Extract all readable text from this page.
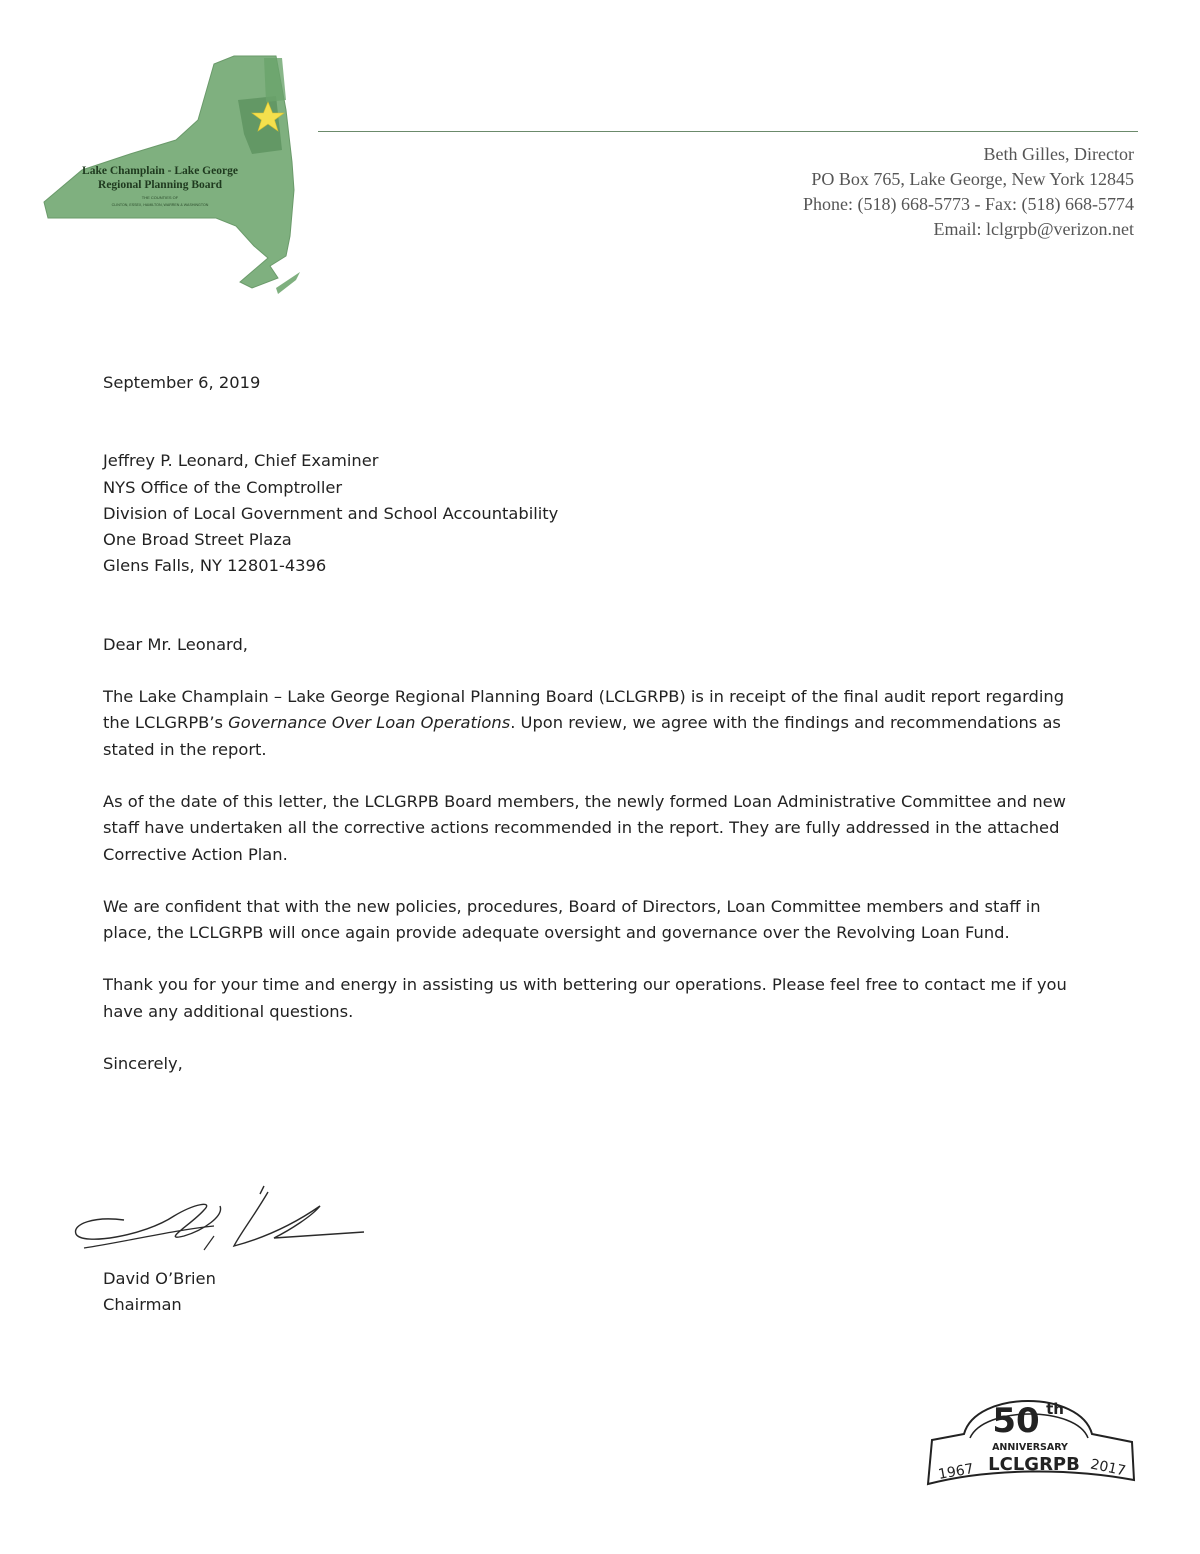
Lake Champlain - Lake George
Regional Planning Board
THE COUNTIES OF
CLINTON, ESSEX, HAMILTON, WARREN & WASHINGTON
Beth Gilles, Director
PO Box 765, Lake George, New York 12845
Phone: (518) 668-5773 - Fax: (518) 668-5774
Email: lclgrpb@verizon.net

September 6, 2019

Jeffrey P. Leonard, Chief Examiner
NYS Office of the Comptroller
Division of Local Government and School Accountability
One Broad Street Plaza
Glens Falls, NY 12801-4396

Dear Mr. Leonard,

The Lake Champlain – Lake George Regional Planning Board (LCLGRPB) is in receipt of the final audit report regarding the LCLGRPB’s Governance Over Loan Operations. Upon review, we agree with the findings and recommendations as stated in the report.

As of the date of this letter, the LCLGRPB Board members, the newly formed Loan Administrative Committee and new staff have undertaken all the corrective actions recommended in the report. They are fully addressed in the attached Corrective Action Plan.

We are confident that with the new policies, procedures, Board of Directors, Loan Committee members and staff in place, the LCLGRPB will once again provide adequate oversight and governance over the Revolving Loan Fund.

Thank you for your time and energy in assisting us with bettering our operations. Please feel free to contact me if you have any additional questions.

Sincerely,

David O’Brien
Chairman
50 th
ANNIVERSARY
1967 LCLGRPB 2017
